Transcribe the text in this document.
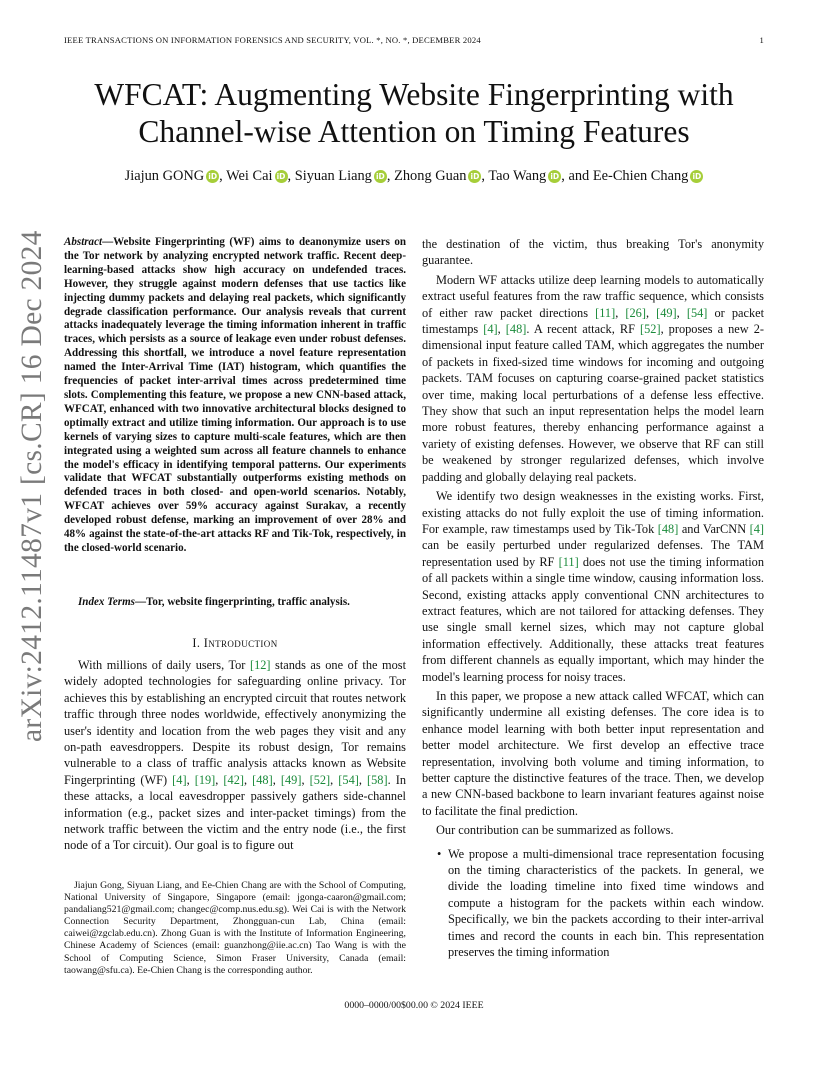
IEEE TRANSACTIONS ON INFORMATION FORENSICS AND SECURITY, VOL. *, NO. *, DECEMBER 2024	1
arXiv:2412.11487v1 [cs.CR] 16 Dec 2024
WFCAT: Augmenting Website Fingerprinting with
Channel-wise Attention on Timing Features
Jiajun GONG iD , Wei Cai iD , Siyuan Liang iD , Zhong Guan iD , Tao Wang iD , and Ee-Chien Chang iD

Abstract—Website Fingerprinting (WF) aims to deanonymize users on the Tor network by analyzing encrypted network traffic. Recent deep-learning-based attacks show high accuracy on undefended traces. However, they struggle against modern defenses that use tactics like injecting dummy packets and delaying real packets, which significantly degrade classification performance. Our analysis reveals that current attacks inadequately leverage the timing information inherent in traffic traces, which persists as a source of leakage even under robust defenses. Addressing this shortfall, we introduce a novel feature representation named the Inter-Arrival Time (IAT) histogram, which quantifies the frequencies of packet inter-arrival times across predetermined time slots. Complementing this feature, we propose a new CNN-based attack, WFCAT, enhanced with two innovative architectural blocks designed to optimally extract and utilize timing information. Our approach is to use kernels of varying sizes to capture multi-scale features, which are then integrated using a weighted sum across all feature channels to enhance the model's efficacy in identifying temporal patterns. Our experiments validate that WFCAT substantially outperforms existing methods on defended traces in both closed- and open-world scenarios. Notably, WFCAT achieves over 59% accuracy against Surakav, a recently developed robust defense, marking an improvement of over 28% and 48% against the state-of-the-art attacks RF and Tik-Tok, respectively, in the closed-world scenario.

Index Terms—Tor, website fingerprinting, traffic analysis.

I. Introduction

With millions of daily users, Tor [12] stands as one of the most widely adopted technologies for safeguarding online privacy. Tor achieves this by establishing an encrypted circuit that routes network traffic through three nodes worldwide, effectively anonymizing the user's identity and location from the web pages they visit and any on-path eavesdroppers. Despite its robust design, Tor remains vulnerable to a class of traffic analysis attacks known as Website Fingerprinting (WF) [4], [19], [42], [48], [49], [52], [54], [58]. In these attacks, a local eavesdropper passively gathers side-channel information (e.g., packet sizes and inter-packet timings) from the network traffic between the victim and the entry node (i.e., the first node of a Tor circuit). Our goal is to figure out

Jiajun Gong, Siyuan Liang, and Ee-Chien Chang are with the School of Computing, National University of Singapore, Singapore (email: jgonga-caaron@gmail.com; pandaliang521@gmail.com; changec@comp.nus.edu.sg). Wei Cai is with the Network Connection Security Department, Zhongguan-cun Lab, China (email: caiwei@zgclab.edu.cn). Zhong Guan is with the Institute of Information Engineering, Chinese Academy of Sciences (email: guanzhong@iie.ac.cn) Tao Wang is with the School of Computing Science, Simon Fraser University, Canada (email: taowang@sfu.ca). Ee-Chien Chang is the corresponding author.

the destination of the victim, thus breaking Tor's anonymity guarantee.

Modern WF attacks utilize deep learning models to automatically extract useful features from the raw traffic sequence, which consists of either raw packet directions [11], [26], [49], [54] or packet timestamps [4], [48]. A recent attack, RF [52], proposes a new 2-dimensional input feature called TAM, which aggregates the number of packets in fixed-sized time windows for incoming and outgoing packets. TAM focuses on capturing coarse-grained packet statistics over time, making local perturbations of a defense less effective. They show that such an input representation helps the model learn more robust features, thereby enhancing performance against a variety of existing defenses. However, we observe that RF can still be weakened by stronger regularized defenses, which involve padding and globally delaying real packets.

We identify two design weaknesses in the existing works. First, existing attacks do not fully exploit the use of timing information. For example, raw timestamps used by Tik-Tok [48] and VarCNN [4] can be easily perturbed under regularized defenses. The TAM representation used by RF [11] does not use the timing information of all packets within a single time window, causing information loss. Second, existing attacks apply conventional CNN architectures to extract features, which are not tailored for attacking defenses. They use single small kernel sizes, which may not capture global information effectively. Additionally, these attacks treat features from different channels as equally important, which may hinder the model's learning process for noisy traces.

In this paper, we propose a new attack called WFCAT, which can significantly undermine all existing defenses. The core idea is to enhance model learning with both better input representation and better model architecture. We first develop an effective trace representation, involving both volume and timing information, to better capture the distinctive features of the trace. Then, we develop a new CNN-based backbone to learn invariant features against noise to facilitate the final prediction.

Our contribution can be summarized as follows.

• We propose a multi-dimensional trace representation focusing on the timing characteristics of the packets. In general, we divide the loading timeline into fixed time windows and compute a histogram for the packets within each window. Specifically, we bin the packets according to their inter-arrival times and record the counts in each bin. This representation preserves the timing information

0000–0000/00$00.00 © 2024 IEEE
